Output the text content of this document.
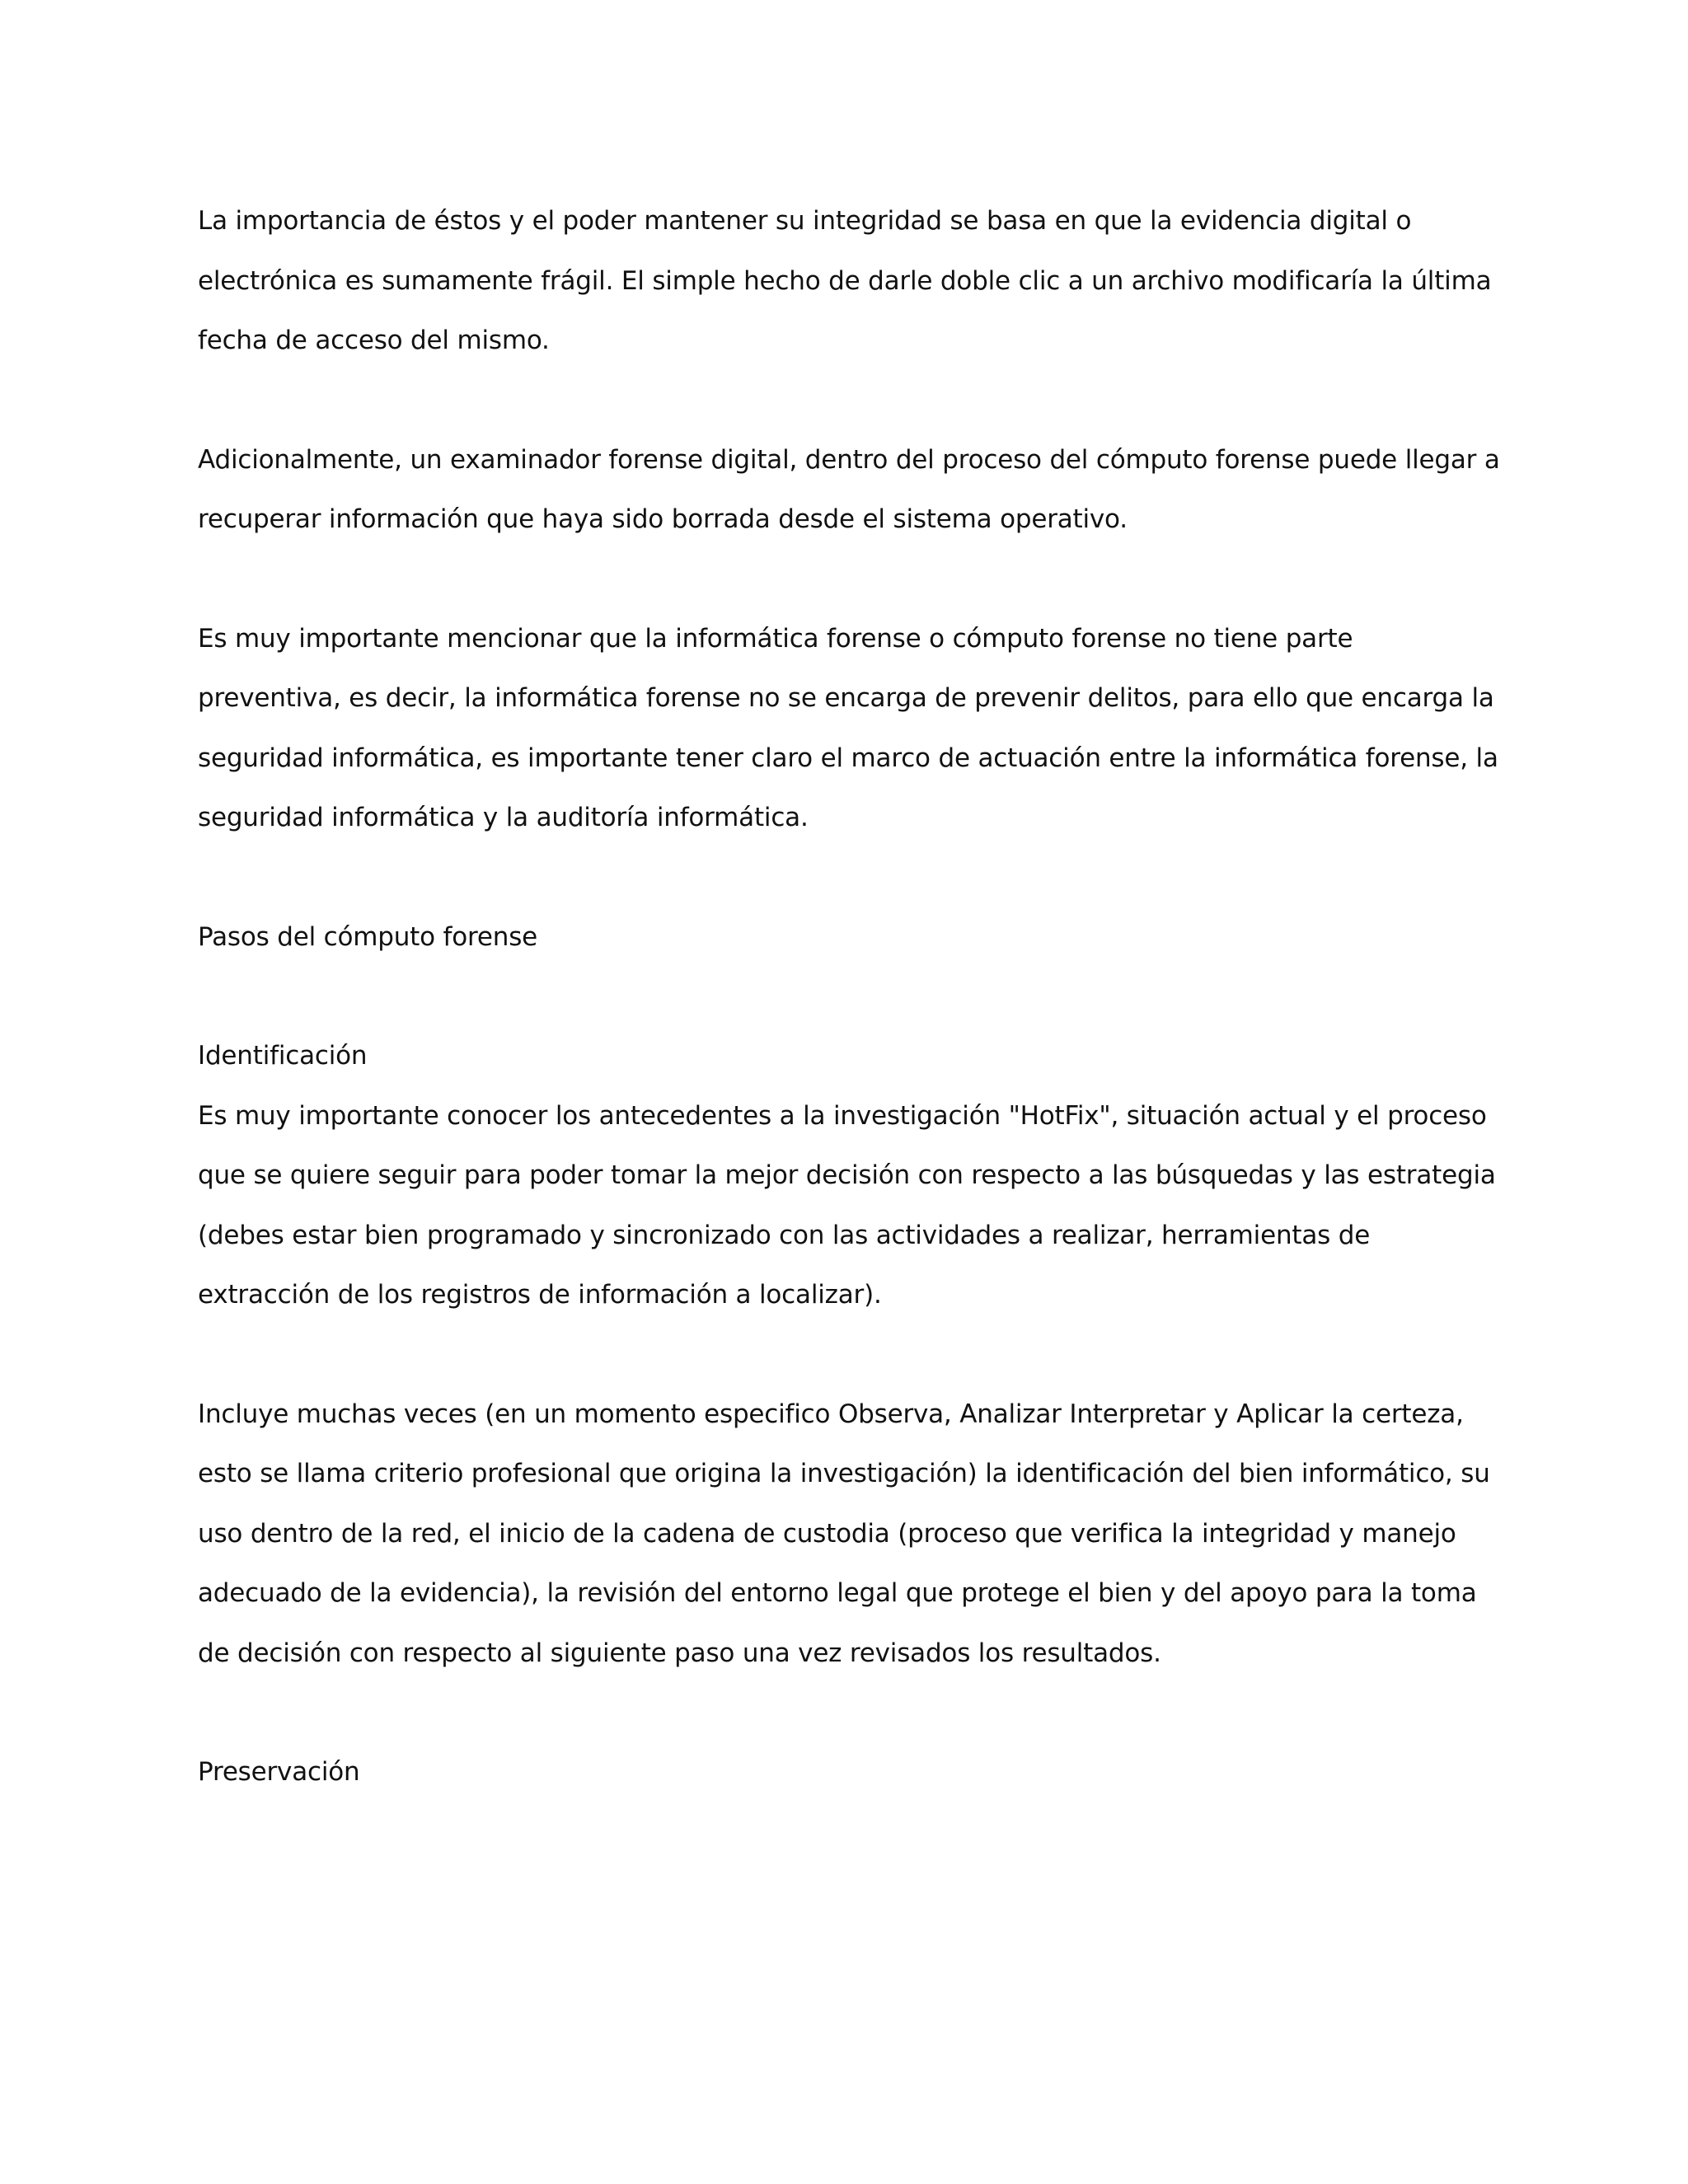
La importancia de éstos y el poder mantener su integridad se basa en que la evidencia digital o electrónica es sumamente frágil. El simple hecho de darle doble clic a un archivo modificaría la última fecha de acceso del mismo.

Adicionalmente, un examinador forense digital, dentro del proceso del cómputo forense puede llegar a recuperar información que haya sido borrada desde el sistema operativo.

Es muy importante mencionar que la informática forense o cómputo forense no tiene parte preventiva, es decir, la informática forense no se encarga de prevenir delitos, para ello que encarga la seguridad informática, es importante tener claro el marco de actuación entre la informática forense, la seguridad informática y la auditoría informática.

Pasos del cómputo forense

Identificación

Es muy importante conocer los antecedentes a la investigación "HotFix", situación actual y el proceso que se quiere seguir para poder tomar la mejor decisión con respecto a las búsquedas y las estrategia (debes estar bien programado y sincronizado con las actividades a realizar, herramientas de extracción de los registros de información a localizar).

Incluye muchas veces (en un momento especifico Observa, Analizar Interpretar y Aplicar la certeza, esto se llama criterio profesional que origina la investigación) la identificación del bien informático, su uso dentro de la red, el inicio de la cadena de custodia (proceso que verifica la integridad y manejo adecuado de la evidencia), la revisión del entorno legal que protege el bien y del apoyo para la toma de decisión con respecto al siguiente paso una vez revisados los resultados.

Preservación
